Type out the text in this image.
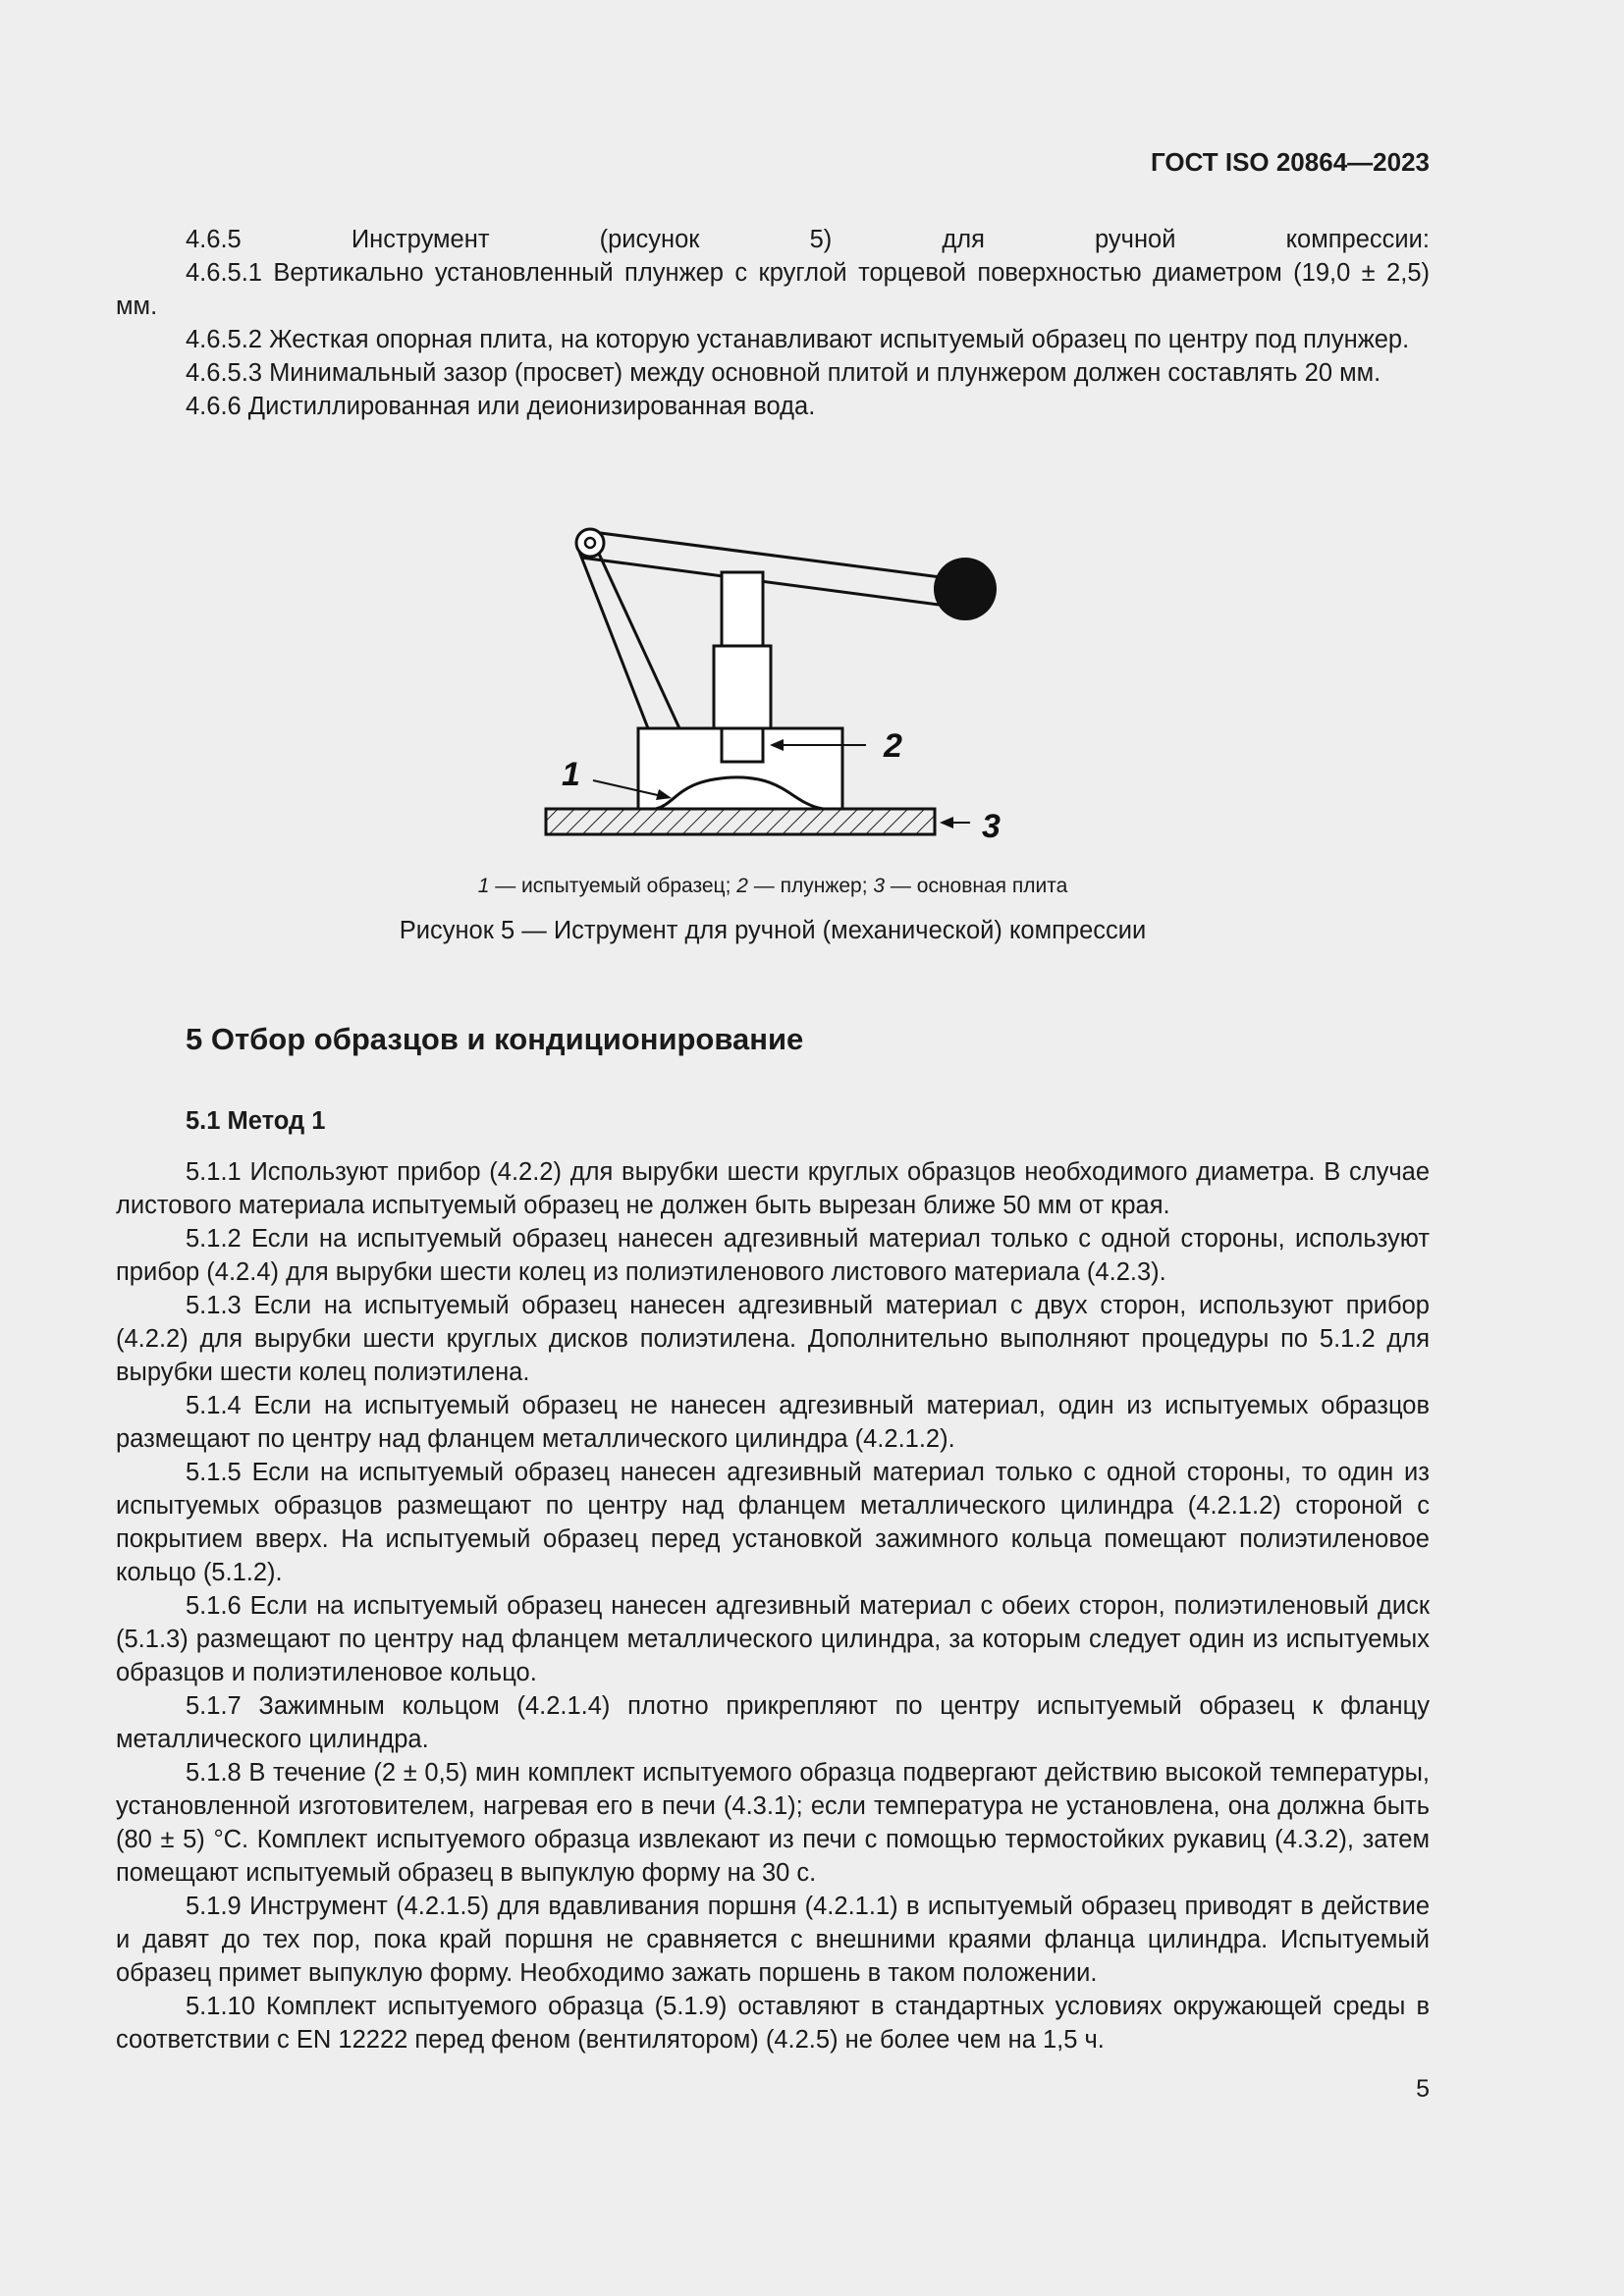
ГОСТ ISO 20864—2023

4.6.5 Инструмент (рисунок 5) для ручной компрессии:

4.6.5.1 Вертикально установленный плунжер с круглой торцевой поверхностью диаметром (19,0 ± 2,5) мм.

4.6.5.2 Жесткая опорная плита, на которую устанавливают испытуемый образец по центру под плунжер.

4.6.5.3 Минимальный зазор (просвет) между основной плитой и плунжером должен составлять 20 мм.

4.6.6 Дистиллированная или деионизированная вода.

1
2
3
1 — испытуемый образец; 2 — плунжер; 3 — основная плита
Рисунок 5 — Иструмент для ручной (механической) компрессии
5 Отбор образцов и кондиционирование
5.1 Метод 1

5.1.1 Используют прибор (4.2.2) для вырубки шести круглых образцов необходимого диаметра. В случае листового материала испытуемый образец не должен быть вырезан ближе 50 мм от края.

5.1.2 Если на испытуемый образец нанесен адгезивный материал только с одной стороны, используют прибор (4.2.4) для вырубки шести колец из полиэтиленового листового материала (4.2.3).

5.1.3 Если на испытуемый образец нанесен адгезивный материал с двух сторон, используют прибор (4.2.2) для вырубки шести круглых дисков полиэтилена. Дополнительно выполняют процедуры по 5.1.2 для вырубки шести колец полиэтилена.

5.1.4 Если на испытуемый образец не нанесен адгезивный материал, один из испытуемых образцов размещают по центру над фланцем металлического цилиндра (4.2.1.2).

5.1.5 Если на испытуемый образец нанесен адгезивный материал только с одной стороны, то один из испытуемых образцов размещают по центру над фланцем металлического цилиндра (4.2.1.2) стороной с покрытием вверх. На испытуемый образец перед установкой зажимного кольца помещают полиэтиленовое кольцо (5.1.2).

5.1.6 Если на испытуемый образец нанесен адгезивный материал с обеих сторон, полиэтиленовый диск (5.1.3) размещают по центру над фланцем металлического цилиндра, за которым следует один из испытуемых образцов и полиэтиленовое кольцо.

5.1.7 Зажимным кольцом (4.2.1.4) плотно прикрепляют по центру испытуемый образец к фланцу металлического цилиндра.

5.1.8 В течение (2 ± 0,5) мин комплект испытуемого образца подвергают действию высокой температуры, установленной изготовителем, нагревая его в печи (4.3.1); если температура не установлена, она должна быть (80 ± 5) °С. Комплект испытуемого образца извлекают из печи с помощью термостойких рукавиц (4.3.2), затем помещают испытуемый образец в выпуклую форму на 30 с.

5.1.9 Инструмент (4.2.1.5) для вдавливания поршня (4.2.1.1) в испытуемый образец приводят в действие и давят до тех пор, пока край поршня не сравняется с внешними краями фланца цилиндра. Испытуемый образец примет выпуклую форму. Необходимо зажать поршень в таком положении.

5.1.10 Комплект испытуемого образца (5.1.9) оставляют в стандартных условиях окружающей среды в соответствии с EN 12222 перед феном (вентилятором) (4.2.5) не более чем на 1,5 ч.

5
